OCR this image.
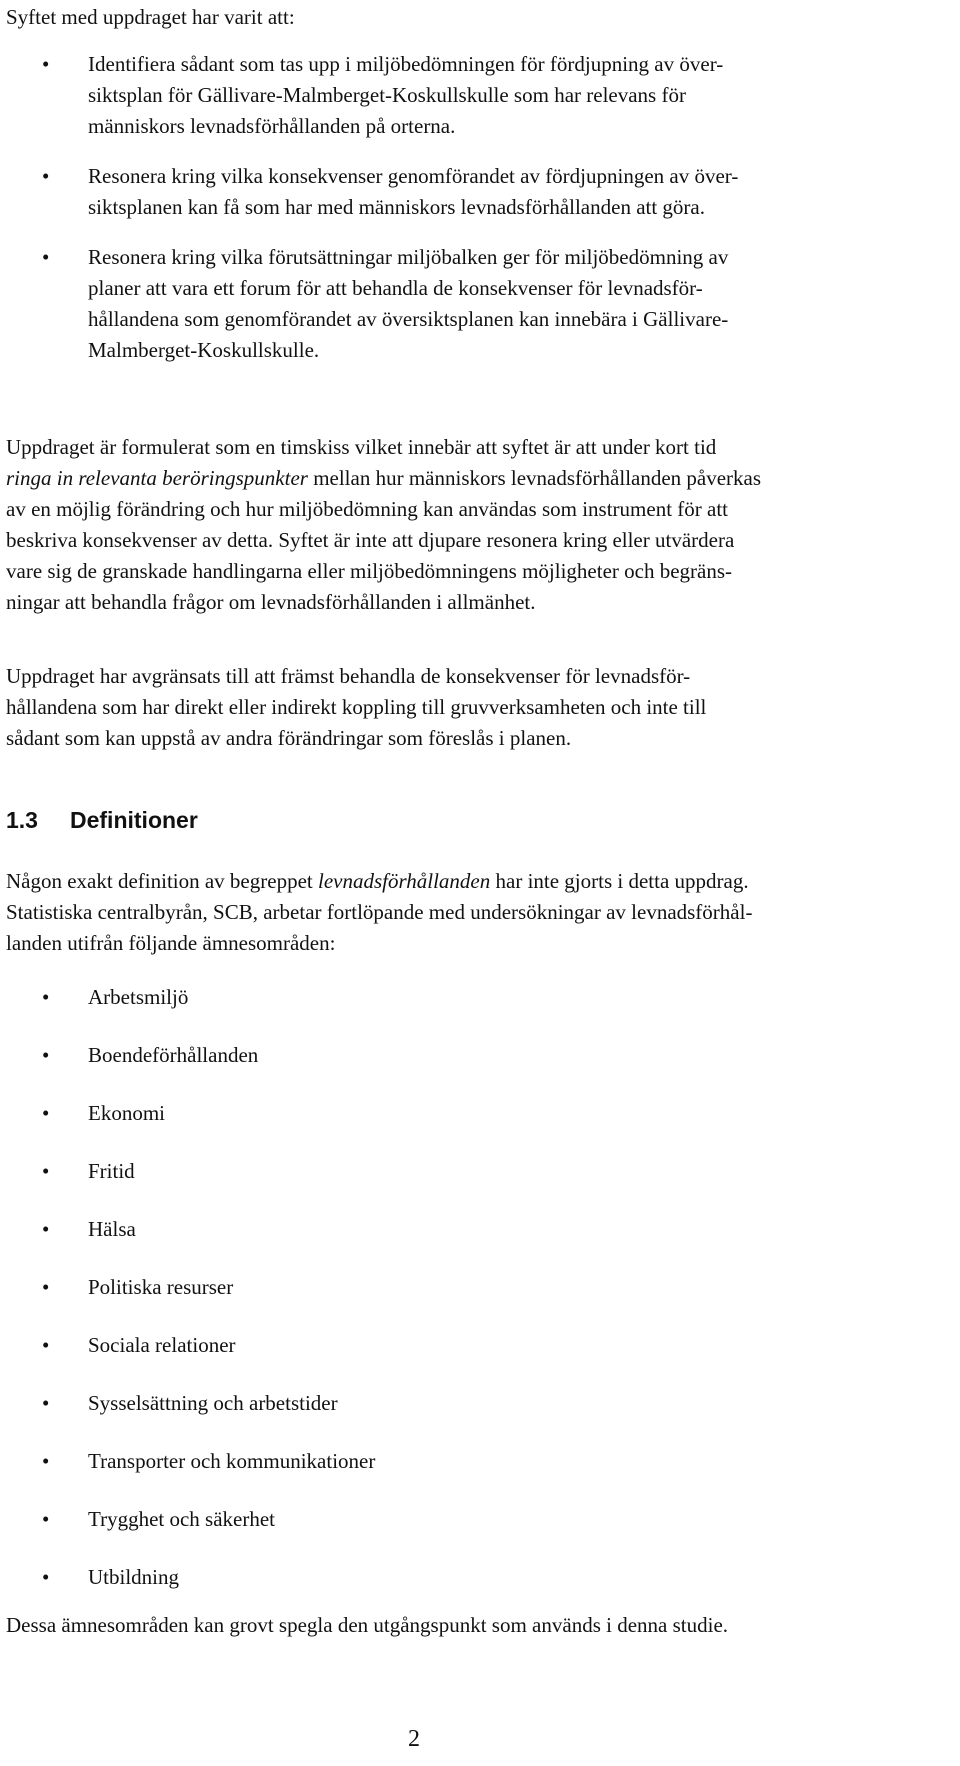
Syftet med uppdraget har varit att:

• Identifiera sådant som tas upp i miljöbedömningen för fördjupning av över-
siktsplan för Gällivare-Malmberget-Koskullskulle som har relevans för
människors levnadsförhållanden på orterna.
• Resonera kring vilka konsekvenser genomförandet av fördjupningen av över-
siktsplanen kan få som har med människors levnadsförhållanden att göra.
• Resonera kring vilka förutsättningar miljöbalken ger för miljöbedömning av
planer att vara ett forum för att behandla de konsekvenser för levnadsför-
hållandena som genomförandet av översiktsplanen kan innebära i Gällivare-
Malmberget-Koskullskulle.

Uppdraget är formulerat som en timskiss vilket innebär att syftet är att under kort tid
ringa in relevanta beröringspunkter mellan hur människors levnadsförhållanden påverkas
av en möjlig förändring och hur miljöbedömning kan användas som instrument för att
beskriva konsekvenser av detta. Syftet är inte att djupare resonera kring eller utvärdera
vare sig de granskade handlingarna eller miljöbedömningens möjligheter och begräns-
ningar att behandla frågor om levnadsförhållanden i allmänhet.

Uppdraget har avgränsats till att främst behandla de konsekvenser för levnadsför-
hållandena som har direkt eller indirekt koppling till gruvverksamheten och inte till
sådant som kan uppstå av andra förändringar som föreslås i planen.

1.3 Definitioner

Någon exakt definition av begreppet levnadsförhållanden har inte gjorts i detta uppdrag.
Statistiska centralbyrån, SCB, arbetar fortlöpande med undersökningar av levnadsförhål-
landen utifrån följande ämnesområden:

• Arbetsmiljö
• Boendeförhållanden
• Ekonomi
• Fritid
• Hälsa
• Politiska resurser
• Sociala relationer
• Sysselsättning och arbetstider
• Transporter och kommunikationer
• Trygghet och säkerhet
• Utbildning

Dessa ämnesområden kan grovt spegla den utgångspunkt som används i denna studie.

2
